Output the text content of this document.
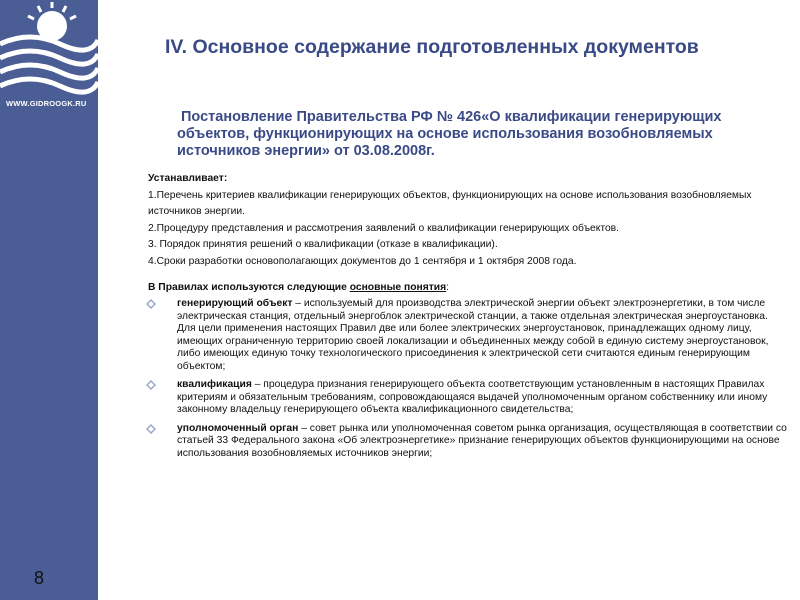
WWW.GIDROOGK.RU
8
IV. Основное содержание подготовленных документов
Постановление Правительства РФ № 426«О квалификации генерирующих объектов, функционирующих на основе использования возобновляемых источников энергии» от 03.08.2008г.

Устанавливает:

1.Перечень критериев квалификации генерирующих объектов, функционирующих на основе использования возобновляемых источников энергии.

2.Процедуру представления и рассмотрения заявлений о квалификации генерирующих объектов.

3. Порядок принятия решений о квалификации (отказе в квалификации).

4.Сроки разработки основополагающих документов до 1 сентября и 1 октября 2008 года.

В Правилах используются следующие основные понятия:

генерирующий объект – используемый для производства электрической энергии объект электроэнергетики, в том числе электрическая станция, отдельный энергоблок электрической станции, а также отдельная электрическая энергоустановка. Для цели применения настоящих Правил две или более электрических энергоустановок, принадлежащих одному лицу, имеющих ограниченную территорию своей локализации и объединенных между собой в единую систему энергоустановок, либо имеющих единую точку технологического присоединения к электрической сети считаются единым генерирующим объектом;
квалификация – процедура признания генерирующего объекта соответствующим установленным в настоящих Правилах критериям и обязательным требованиям, сопровождающаяся выдачей уполномоченным органом собственнику или иному законному владельцу генерирующего объекта квалификационного свидетельства;
уполномоченный орган – совет рынка или уполномоченная советом рынка организация, осуществляющая в соответствии со статьей 33 Федерального закона «Об электроэнергетике» признание генерирующих объектов функционирующими на основе использования возобновляемых источников энергии;
